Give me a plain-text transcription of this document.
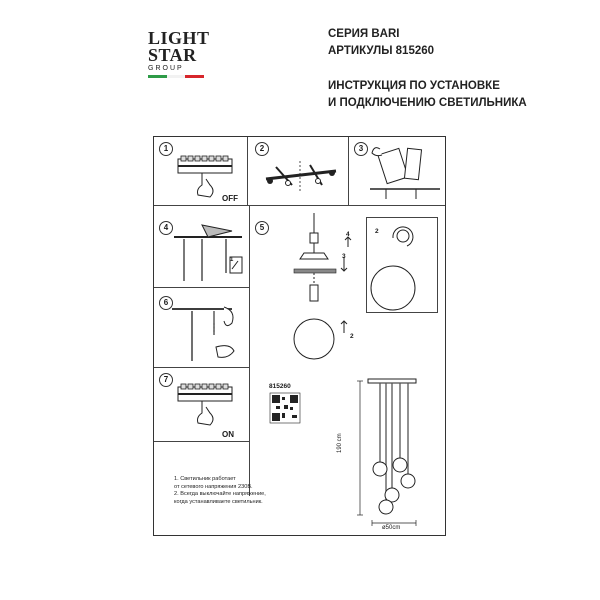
LIGHT
STAR
GROUP
СЕРИЯ BARI
АРТИКУЛЫ 815260
ИНСТРУКЦИЯ ПО УСТАНОВКЕ
И ПОДКЛЮЧЕНИЮ СВЕТИЛЬНИКА
1	2	3
4	5
6
7
OFF
1
ON
4
3
2
2
815260
190 cm
ø50cm
1. Светильник работает
от сетевого напряжения 230В.
2. Всегда выключайте напряжение,
когда устанавливаете светильник.
